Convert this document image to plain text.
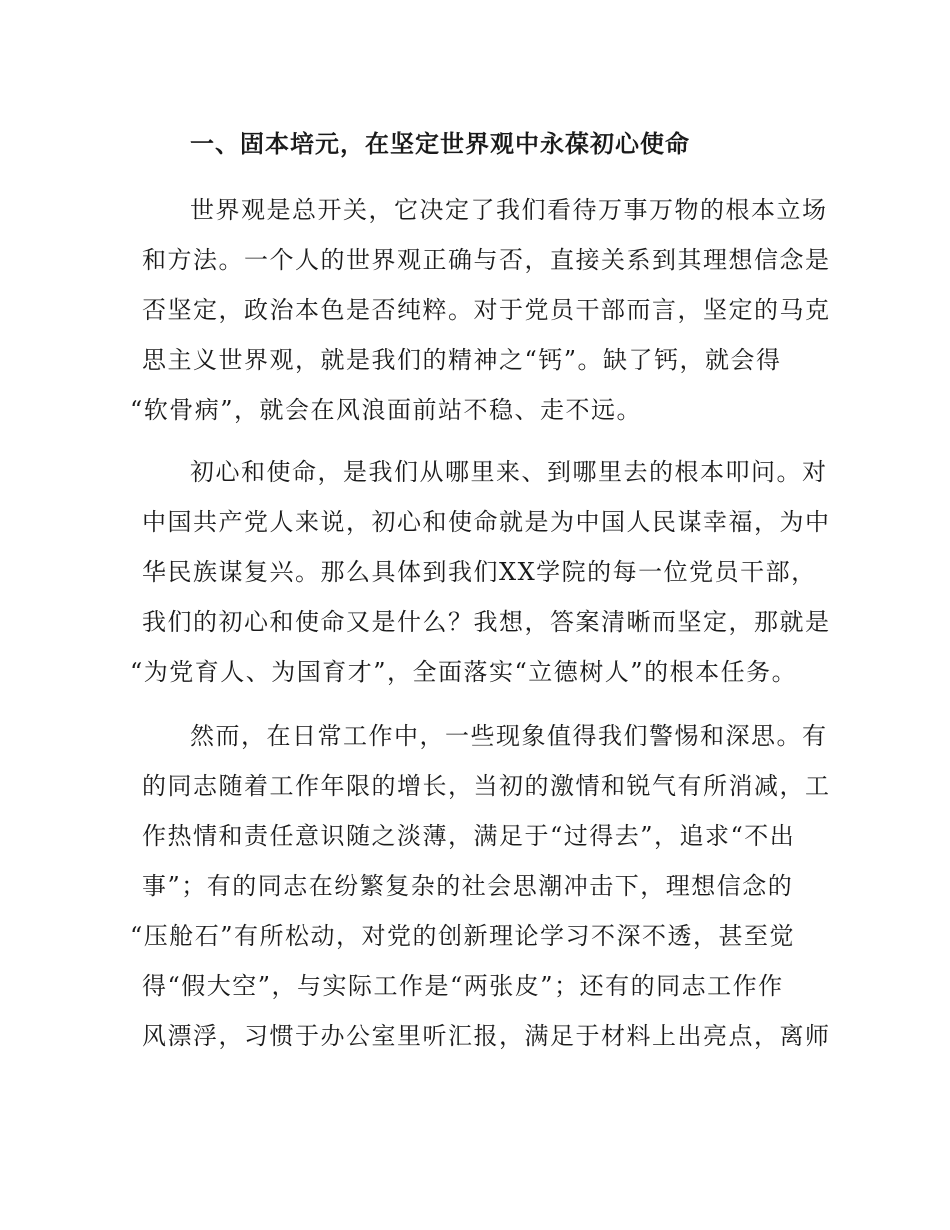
一、固本培元，在坚定世界观中永葆初心使命
世界观是总开关，它决定了我们看待万事万物的根本立场
和方法。一个人的世界观正确与否，直接关系到其理想信念是
否坚定，政治本色是否纯粹。对于党员干部而言，坚定的马克
思主义世界观，就是我们的精神之“钙”。缺了钙，就会得
“软骨病”，就会在风浪面前站不稳、走不远。
初心和使命，是我们从哪里来、到哪里去的根本叩问。对
中国共产党人来说，初心和使命就是为中国人民谋幸福，为中
华民族谋复兴。那么具体到我们XX学院的每一位党员干部，
我们的初心和使命又是什么？我想，答案清晰而坚定，那就是
“为党育人、为国育才”，全面落实“立德树人”的根本任务。
然而，在日常工作中，一些现象值得我们警惕和深思。有
的同志随着工作年限的增长，当初的激情和锐气有所消减，工
作热情和责任意识随之淡薄，满足于“过得去”，追求“不出
事”；有的同志在纷繁复杂的社会思潮冲击下，理想信念的
“压舱石”有所松动，对党的创新理论学习不深不透，甚至觉
得“假大空”，与实际工作是“两张皮”；还有的同志工作作
风漂浮，习惯于办公室里听汇报，满足于材料上出亮点，离师
